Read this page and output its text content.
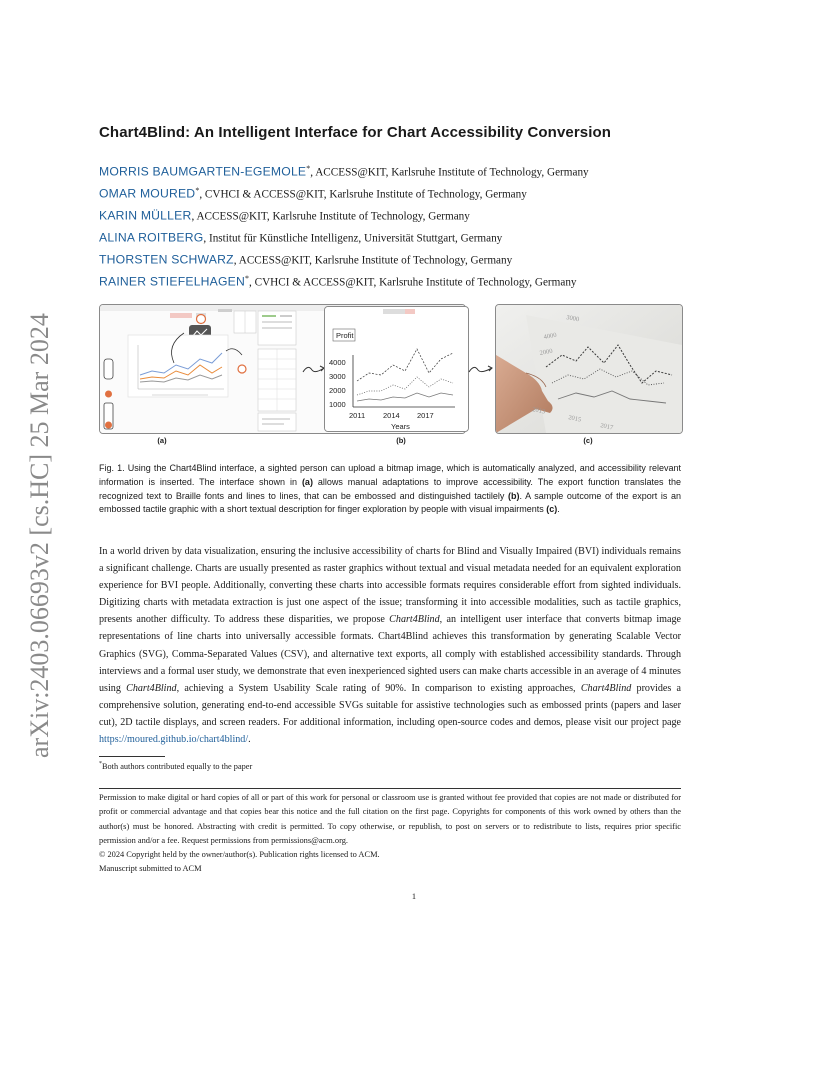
arXiv:2403.06693v2 [cs.HC] 25 Mar 2024
Chart4Blind: An Intelligent Interface for Chart Accessibility Conversion
MORRIS BAUMGARTEN-EGEMOLE*, ACCESS@KIT, Karlsruhe Institute of Technology, Germany
OMAR MOURED*, CVHCI & ACCESS@KIT, Karlsruhe Institute of Technology, Germany
KARIN MÜLLER, ACCESS@KIT, Karlsruhe Institute of Technology, Germany
ALINA ROITBERG, Institut für Künstliche Intelligenz, Universität Stuttgart, Germany
THORSTEN SCHWARZ, ACCESS@KIT, Karlsruhe Institute of Technology, Germany
RAINER STIEFELHAGEN*, CVHCI & ACCESS@KIT, Karlsruhe Institute of Technology, Germany
(a)
Profit
4000
3000
2000
1000
2011 2014 2017
Years
(b)
3000
4000
2000
2013
2015
2017
(c)
Fig. 1. Using the Chart4Blind interface, a sighted person can upload a bitmap image, which is automatically analyzed, and accessibility relevant information is inserted. The interface shown in (a) allows manual adaptations to improve accessibility. The export function translates the recognized text to Braille fonts and lines to lines, that can be embossed and distinguished tactilely (b). A sample outcome of the export is an embossed tactile graphic with a short textual description for finger exploration by people with visual impairments (c).
In a world driven by data visualization, ensuring the inclusive accessibility of charts for Blind and Visually Impaired (BVI) individuals remains a significant challenge. Charts are usually presented as raster graphics without textual and visual metadata needed for an equivalent exploration experience for BVI people. Additionally, converting these charts into accessible formats requires considerable effort from sighted individuals. Digitizing charts with metadata extraction is just one aspect of the issue; transforming it into accessible modalities, such as tactile graphics, presents another difficulty. To address these disparities, we propose Chart4Blind, an intelligent user interface that converts bitmap image representations of line charts into universally accessible formats. Chart4Blind achieves this transformation by generating Scalable Vector Graphics (SVG), Comma-Separated Values (CSV), and alternative text exports, all comply with established accessibility standards. Through interviews and a formal user study, we demonstrate that even inexperienced sighted users can make charts accessible in an average of 4 minutes using Chart4Blind, achieving a System Usability Scale rating of 90%. In comparison to existing approaches, Chart4Blind provides a comprehensive solution, generating end-to-end accessible SVGs suitable for assistive technologies such as embossed prints (papers and laser cut), 2D tactile displays, and screen readers. For additional information, including open-source codes and demos, please visit our project page https://moured.github.io/chart4blind/.
*Both authors contributed equally to the paper
Permission to make digital or hard copies of all or part of this work for personal or classroom use is granted without fee provided that copies are not made or distributed for profit or commercial advantage and that copies bear this notice and the full citation on the first page. Copyrights for components of this work owned by others than the author(s) must be honored. Abstracting with credit is permitted. To copy otherwise, or republish, to post on servers or to redistribute to lists, requires prior specific permission and/or a fee. Request permissions from permissions@acm.org.
© 2024 Copyright held by the owner/author(s). Publication rights licensed to ACM.
Manuscript submitted to ACM
1
